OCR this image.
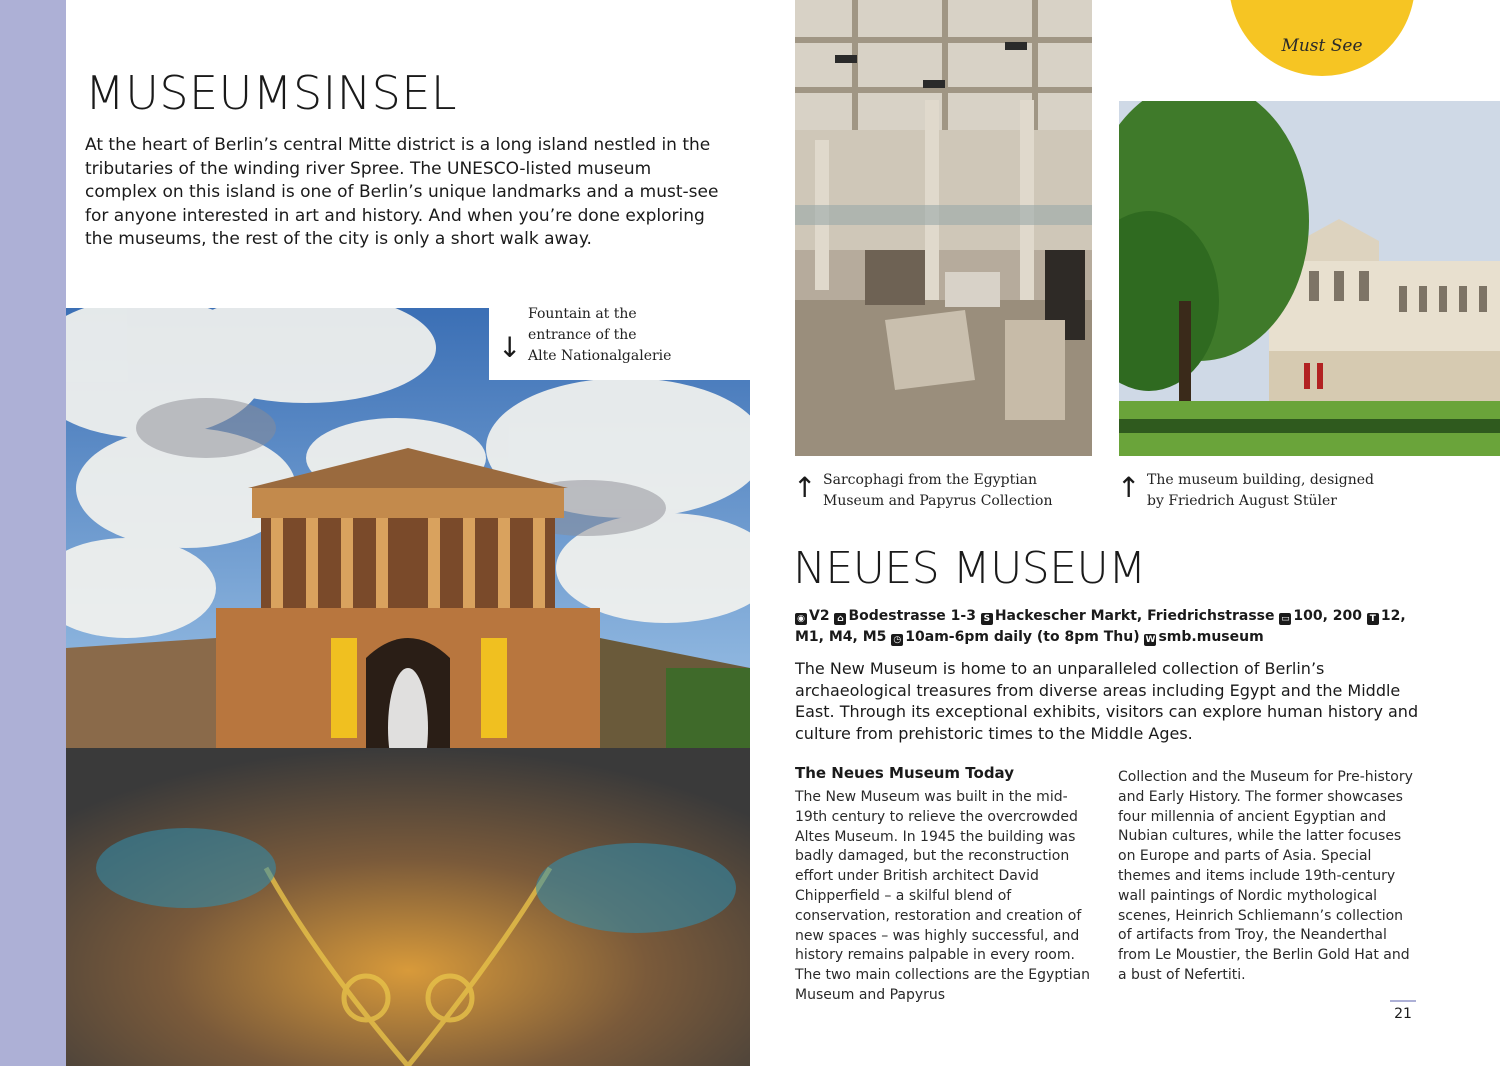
MUSEUMSINSEL

At the heart of Berlin’s central Mitte district is a long island nestled in the tributaries of the winding river Spree. The UNESCO-listed museum complex on this island is one of Berlin’s unique landmarks and a must-see for anyone interested in art and history. And when you’re done exploring the museums, the rest of the city is only a short walk away.

↓
Fountain at the
entrance of the
Alte Nationalgalerie
Must See
↑ Sarcophagi from the Egyptian
Museum and Papyrus Collection	↑ The museum building, designed
by Friedrich August Stüler
NEUES MUSEUM
◉ V2 ⌂ Bodestrasse 1-3 S Hackescher Markt, Friedrichstrasse ▭ 100, 200 T 12, M1, M4, M5 ◷ 10am-6pm daily (to 8pm Thu) W smb.museum

The New Museum is home to an unparalleled collection of Berlin’s archaeological treasures from diverse areas including Egypt and the Middle East. Through its exceptional exhibits, visitors can explore human history and culture from prehistoric times to the Middle Ages.

The Neues Museum Today

The New Museum was built in the mid-19th century to relieve the overcrowded Altes Museum. In 1945 the building was badly damaged, but the reconstruction effort under British architect David Chipperfield – a skilful blend of conservation, restoration and creation of new spaces – was highly successful, and history remains palpable in every room. The two main collections are the Egyptian Museum and Papyrus

Collection and the Museum for Pre-history and Early History. The former showcases four millennia of ancient Egyptian and Nubian cultures, while the latter focuses on Europe and parts of Asia. Special themes and items include 19th-century wall paintings of Nordic mythological scenes, Heinrich Schliemann’s collection of artifacts from Troy, the Neanderthal from Le Moustier, the Berlin Gold Hat and a bust of Nefertiti.

21
